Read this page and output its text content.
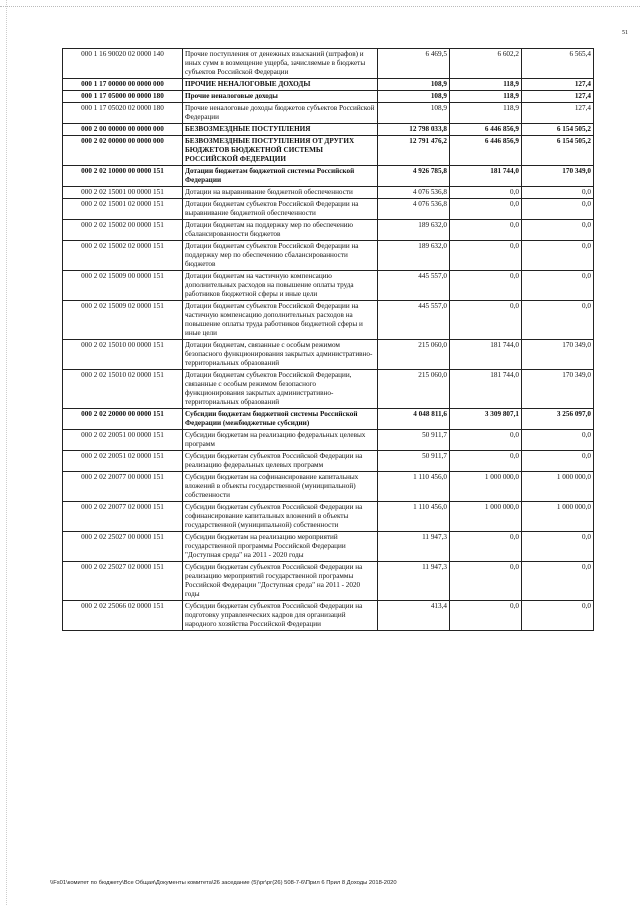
51
000 1 16 90020 02 0000 140	Прочие поступления от денежных взысканий (штрафов) и иных сумм в возмещение ущерба, зачисляемые в бюджеты субъектов Российской Федерации	6 469,5	6 602,2	6 565,4
000 1 17 00000 00 0000 000	ПРОЧИЕ НЕНАЛОГОВЫЕ ДОХОДЫ	108,9	118,9	127,4
000 1 17 05000 00 0000 180	Прочие неналоговые доходы	108,9	118,9	127,4
000 1 17 05020 02 0000 180	Прочие неналоговые доходы бюджетов субъектов Российской Федерации	108,9	118,9	127,4
000 2 00 00000 00 0000 000	БЕЗВОЗМЕЗДНЫЕ ПОСТУПЛЕНИЯ	12 798 033,8	6 446 856,9	6 154 505,2
000 2 02 00000 00 0000 000	БЕЗВОЗМЕЗДНЫЕ ПОСТУПЛЕНИЯ ОТ ДРУГИХ БЮДЖЕТОВ БЮДЖЕТНОЙ СИСТЕМЫ РОССИЙСКОЙ ФЕДЕРАЦИИ	12 791 476,2	6 446 856,9	6 154 505,2
000 2 02 10000 00 0000 151	Дотации бюджетам бюджетной системы Российской Федерации	4 926 785,8	181 744,0	170 349,0
000 2 02 15001 00 0000 151	Дотации на выравнивание бюджетной обеспеченности	4 076 536,8	0,0	0,0
000 2 02 15001 02 0000 151	Дотации бюджетам субъектов Российской Федерации на выравнивание бюджетной обеспеченности	4 076 536,8	0,0	0,0
000 2 02 15002 00 0000 151	Дотации бюджетам на поддержку мер по обеспечению сбалансированности бюджетов	189 632,0	0,0	0,0
000 2 02 15002 02 0000 151	Дотации бюджетам субъектов Российской Федерации на поддержку мер по обеспечению сбалансированности бюджетов	189 632,0	0,0	0,0
000 2 02 15009 00 0000 151	Дотации бюджетам на частичную компенсацию дополнительных расходов на повышение оплаты труда работников бюджетной сферы и иные цели	445 557,0	0,0	0,0
000 2 02 15009 02 0000 151	Дотации бюджетам субъектов Российской Федерации на частичную компенсацию дополнительных расходов на повышение оплаты труда работников бюджетной сферы и иные цели	445 557,0	0,0	0,0
000 2 02 15010 00 0000 151	Дотации бюджетам, связанные с особым режимом безопасного функционирования закрытых административно-территориальных образований	215 060,0	181 744,0	170 349,0
000 2 02 15010 02 0000 151	Дотации бюджетам субъектов Российской Федерации, связанные с особым режимом безопасного функционирования закрытых административно-территориальных образований	215 060,0	181 744,0	170 349,0
000 2 02 20000 00 0000 151	Субсидии бюджетам бюджетной системы Российской Федерации (межбюджетные субсидии)	4 048 811,6	3 309 807,1	3 256 097,0
000 2 02 20051 00 0000 151	Субсидии бюджетам на реализацию федеральных целевых программ	50 911,7	0,0	0,0
000 2 02 20051 02 0000 151	Субсидии бюджетам субъектов Российской Федерации на реализацию федеральных целевых программ	50 911,7	0,0	0,0
000 2 02 20077 00 0000 151	Субсидии бюджетам на софинансирование капитальных вложений в объекты государственной (муниципальной) собственности	1 110 456,0	1 000 000,0	1 000 000,0
000 2 02 20077 02 0000 151	Субсидии бюджетам субъектов Российской Федерации на софинансирование капитальных вложений в объекты государственной (муниципальной) собственности	1 110 456,0	1 000 000,0	1 000 000,0
000 2 02 25027 00 0000 151	Субсидии бюджетам на реализацию мероприятий государственной программы Российской Федерации "Доступная среда" на 2011 - 2020 годы	11 947,3	0,0	0,0
000 2 02 25027 02 0000 151	Субсидии бюджетам субъектов Российской Федерации на реализацию мероприятий государственной программы Российской Федерации "Доступная среда" на 2011 - 2020 годы	11 947,3	0,0	0,0
000 2 02 25066 02 0000 151	Субсидии бюджетам субъектов Российской Федерации на подготовку управленческих кадров для организаций народного хозяйства Российской Федерации	413,4	0,0	0,0
\\Fs01\комитет по бюджету\Все Общая\Документы комитета\26 заседание (5)\рг\рг(26) 508-7-6\Прил 6 Прил 8 Доходы 2018-2020
